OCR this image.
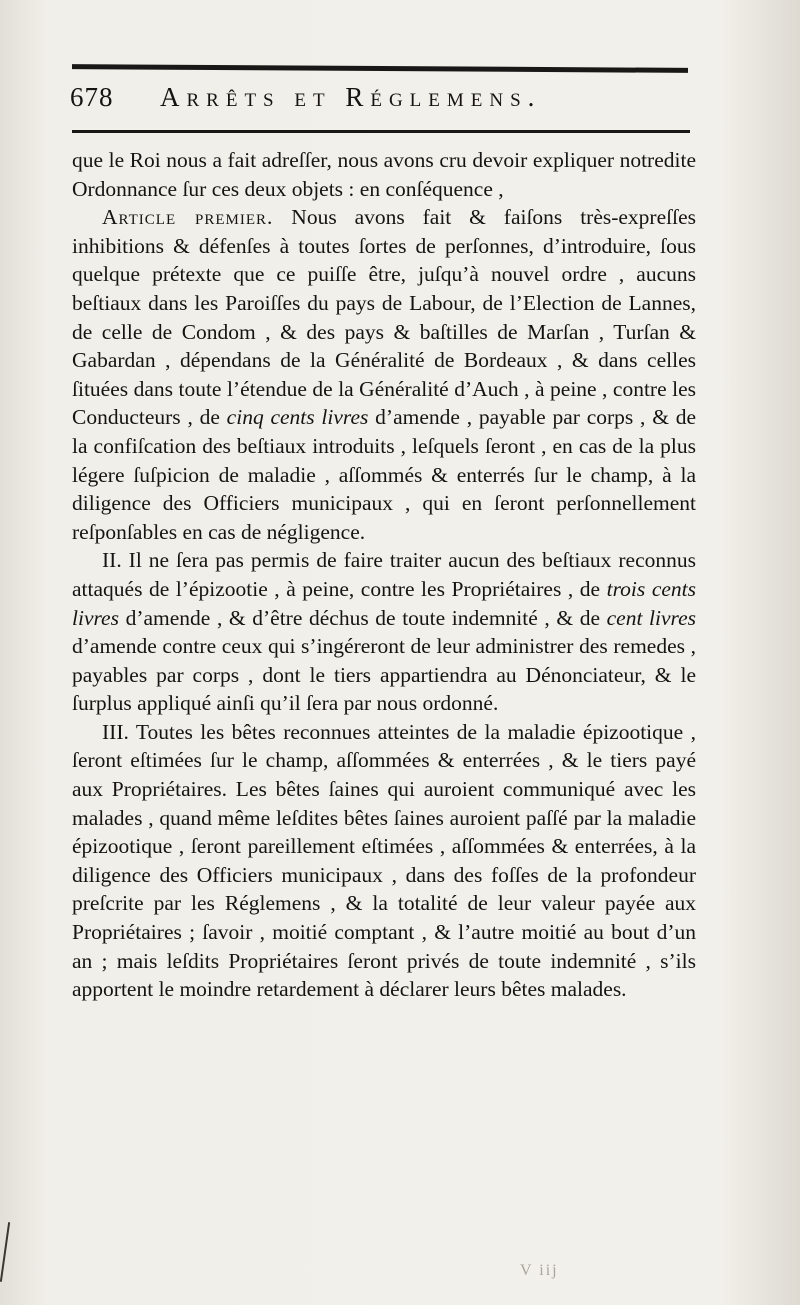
678 Arrêts et Réglemens.

que le Roi nous a fait adreſſer, nous avons cru devoir expliquer notredite Ordonnance ſur ces deux objets : en conſéquence ,

Article premier. Nous avons fait & faiſons très-expreſſes inhibitions & défenſes à toutes ſortes de perſonnes, d’introduire, ſous quelque prétexte que ce puiſſe être, juſqu’à nouvel ordre , aucuns beſtiaux dans les Paroiſſes du pays de Labour, de l’Election de Lannes, de celle de Condom , & des pays & baſtilles de Marſan , Turſan & Gabardan , dépendans de la Généralité de Bordeaux , & dans celles ſituées dans toute l’étendue de la Généralité d’Auch , à peine , contre les Conducteurs , de cinq cents livres d’amende , payable par corps , & de la confiſcation des beſtiaux introduits , leſquels ſeront , en cas de la plus légere ſuſpicion de maladie , aſſommés & enterrés ſur le champ, à la diligence des Officiers municipaux , qui en ſeront perſonnellement reſponſables en cas de négligence.

II. Il ne ſera pas permis de faire traiter aucun des beſtiaux reconnus attaqués de l’épizootie , à peine, contre les Propriétaires , de trois cents livres d’amende , & d’être déchus de toute indemnité , & de cent livres d’amende contre ceux qui s’ingéreront de leur administrer des remedes , payables par corps , dont le tiers appartiendra au Dénonciateur, & le ſurplus appliqué ainſi qu’il ſera par nous ordonné.

III. Toutes les bêtes reconnues atteintes de la maladie épizootique , ſeront eſtimées ſur le champ, aſſommées & enterrées , & le tiers payé aux Propriétaires. Les bêtes ſaines qui auroient communiqué avec les malades , quand même leſdites bêtes ſaines auroient paſſé par la maladie épizootique , ſeront pareillement eſtimées , aſſommées & enterrées, à la diligence des Officiers municipaux , dans des foſſes de la profondeur preſcrite par les Réglemens , & la totalité de leur valeur payée aux Propriétaires ; ſavoir , moitié comptant , & l’autre moitié au bout d’un an ; mais leſdits Propriétaires ſeront privés de toute indemnité , s’ils apportent le moindre retardement à déclarer leurs bêtes malades.

V iij
